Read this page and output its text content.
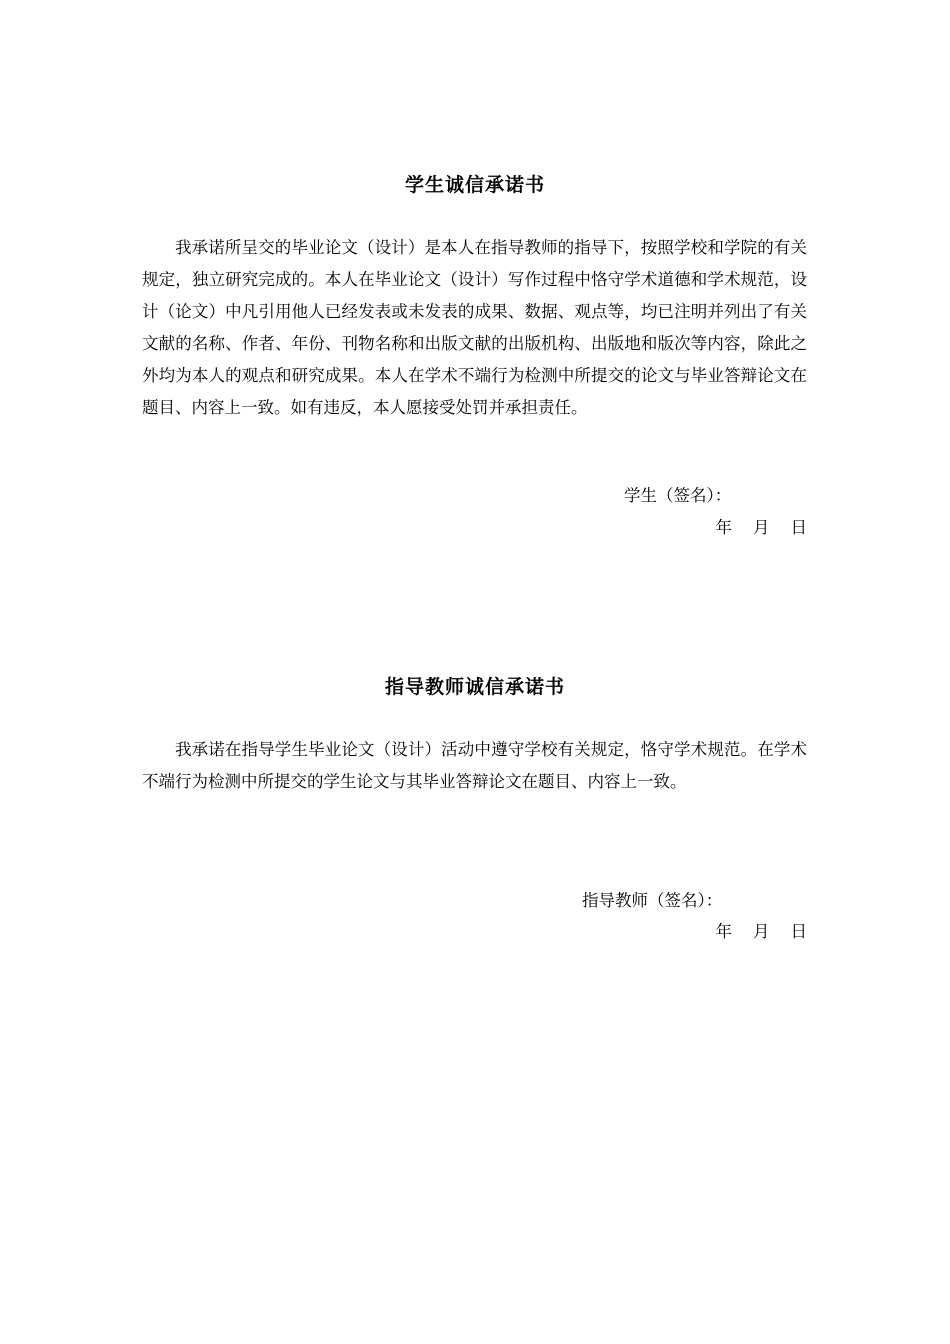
学生诚信承诺书
我承诺所呈交的毕业论文（设计）是本人在指导教师的指导下，按照学校和学院的有关规定，独立研究完成的。本人在毕业论文（设计）写作过程中恪守学术道德和学术规范，设计（论文）中凡引用他人已经发表或未发表的成果、数据、观点等，均已注明并列出了有关文献的名称、作者、年份、刊物名称和出版文献的出版机构、出版地和版次等内容，除此之外均为本人的观点和研究成果。本人在学术不端行为检测中所提交的论文与毕业答辩论文在题目、内容上一致。如有违反，本人愿接受处罚并承担责任。
学生（签名）：
年    月    日
指导教师诚信承诺书
我承诺在指导学生毕业论文（设计）活动中遵守学校有关规定，恪守学术规范。在学术不端行为检测中所提交的学生论文与其毕业答辩论文在题目、内容上一致。
指导教师（签名）：
年    月    日
